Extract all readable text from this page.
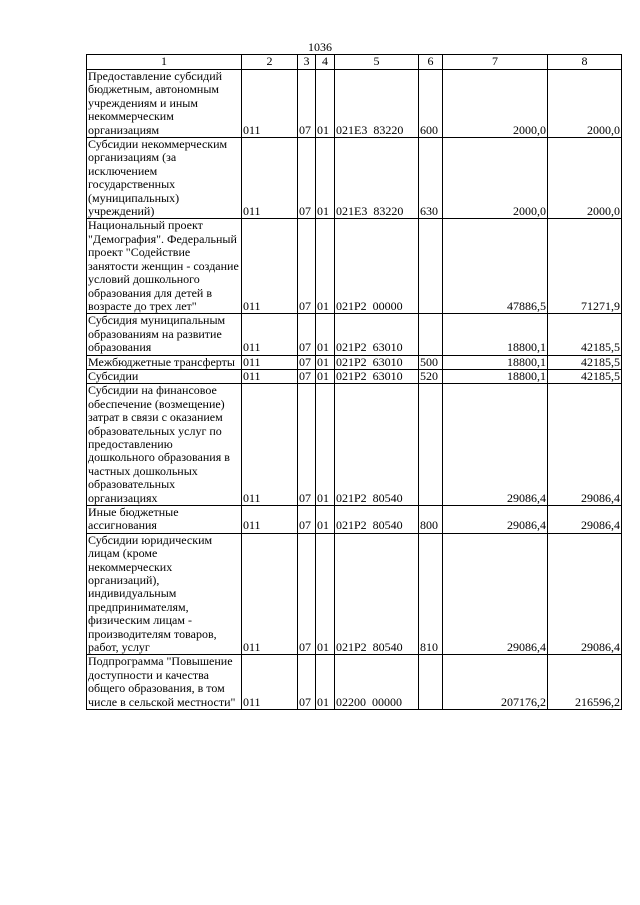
1036
1	2	3	4	5	6	7	8
Предоставление субсидий бюджетным, автономным учреждениям и иным некоммерческим организациям	011	07	01	021E3  83220	600	2000,0	2000,0
Субсидии некоммерческим организациям (за исключением государственных (муниципальных) учреждений)	011	07	01	021E3  83220	630	2000,0	2000,0
Национальный проект "Демография". Федеральный проект "Содействие занятости женщин - создание условий дошкольного образования для детей в возрасте до трех лет"	011	07	01	021P2  00000		47886,5	71271,9
Субсидия муниципальным образованиям на развитие образования	011	07	01	021P2  63010		18800,1	42185,5
Межбюджетные трансферты	011	07	01	021P2  63010	500	18800,1	42185,5
Субсидии	011	07	01	021P2  63010	520	18800,1	42185,5
Субсидии на финансовое обеспечение (возмещение) затрат в связи с оказанием образовательных услуг по предоставлению дошкольного образования в частных дошкольных образовательных организациях	011	07	01	021P2  80540		29086,4	29086,4
Иные бюджетные ассигнования	011	07	01	021P2  80540	800	29086,4	29086,4
Субсидии юридическим лицам (кроме некоммерческих организаций), индивидуальным предпринимателям, физическим лицам - производителям товаров, работ, услуг	011	07	01	021P2  80540	810	29086,4	29086,4
Подпрограмма "Повышение доступности и качества общего образования, в том числе в сельской местности"	011	07	01	02200  00000		207176,2	216596,2
